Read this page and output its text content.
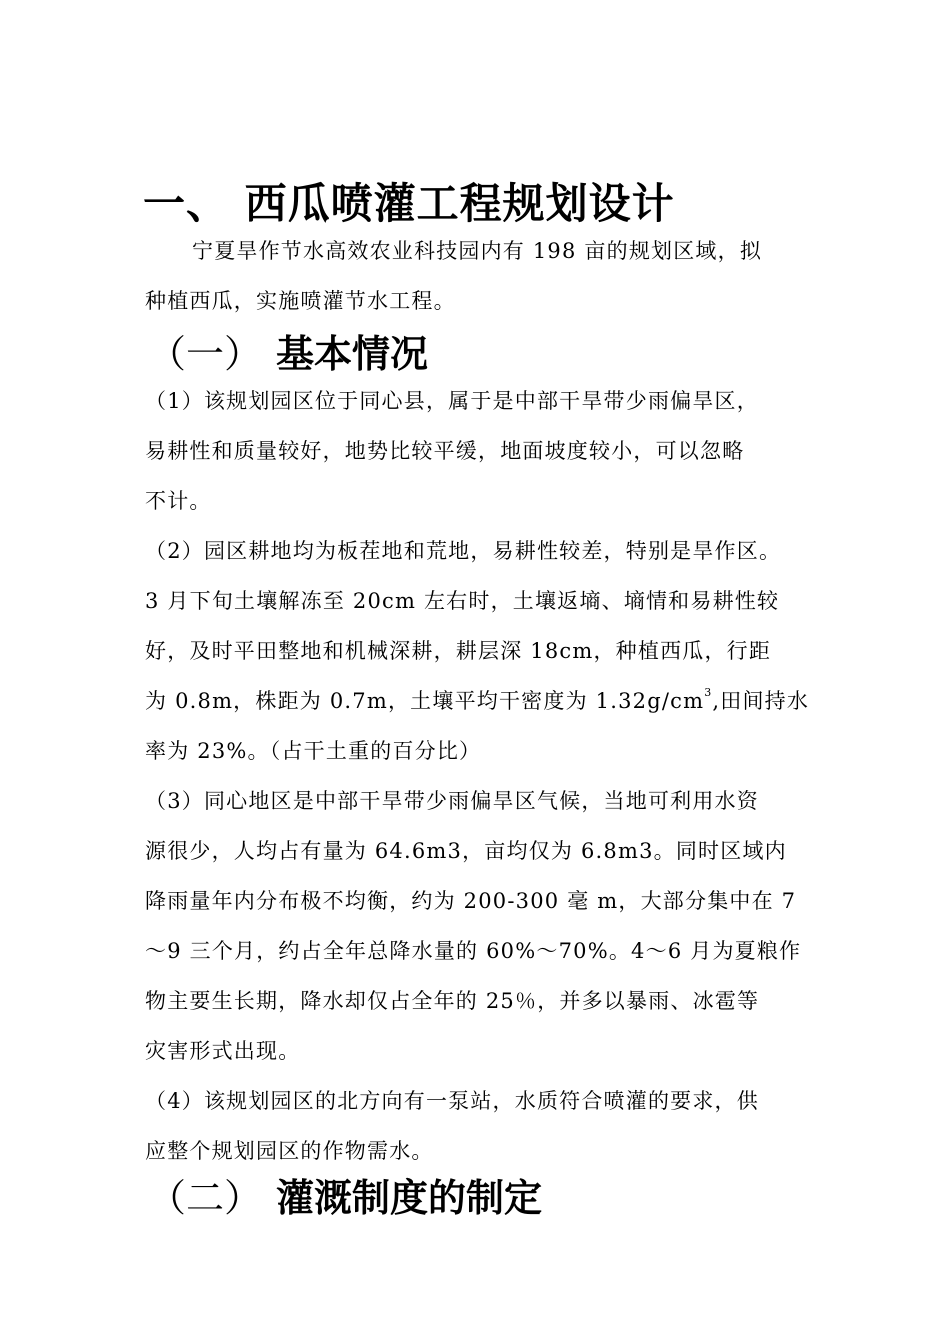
一、 西瓜喷灌工程规划设计
宁夏旱作节水高效农业科技园内有 198 亩的规划区域，拟
种植西瓜，实施喷灌节水工程。
（一） 基本情况
（1）该规划园区位于同心县，属于是中部干旱带少雨偏旱区，
易耕性和质量较好，地势比较平缓，地面坡度较小，可以忽略
不计。
（2）园区耕地均为板茬地和荒地，易耕性较差，特别是旱作区。
3 月下旬土壤解冻至 20cm 左右时，土壤返墒、墒情和易耕性较
好，及时平田整地和机械深耕，耕层深 18cm，种植西瓜，行距
为 0.8m，株距为 0.7m，土壤平均干密度为 $1.32g/cm^3$,田间持水
率为 23%。（占干土重的百分比）
（3）同心地区是中部干旱带少雨偏旱区气候，当地可利用水资
源很少，人均占有量为 64.6m3，亩均仅为 6.8m3。同时区域内
降雨量年内分布极不均衡，约为 200-300 毫 m，大部分集中在 7
～9 三个月，约占全年总降水量的 60%～70%。4～6 月为夏粮作
物主要生长期，降水却仅占全年的 25％，并多以暴雨、冰雹等
灾害形式出现。
（4）该规划园区的北方向有一泵站，水质符合喷灌的要求，供
应整个规划园区的作物需水。
（二） 灌溉制度的制定
